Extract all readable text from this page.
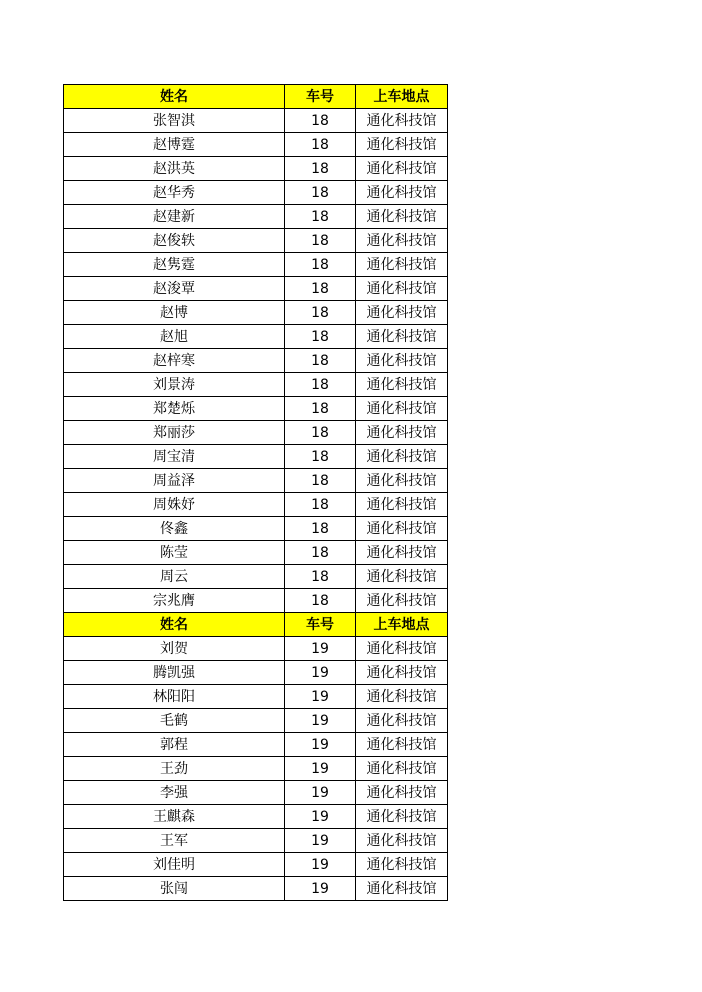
姓名	车号	上车地点
张智淇	18	通化科技馆
赵博霆	18	通化科技馆
赵洪英	18	通化科技馆
赵华秀	18	通化科技馆
赵建新	18	通化科技馆
赵俊轶	18	通化科技馆
赵隽霆	18	通化科技馆
赵浚覃	18	通化科技馆
赵博	18	通化科技馆
赵旭	18	通化科技馆
赵梓寒	18	通化科技馆
刘景涛	18	通化科技馆
郑楚烁	18	通化科技馆
郑丽莎	18	通化科技馆
周宝清	18	通化科技馆
周益泽	18	通化科技馆
周姝妤	18	通化科技馆
佟鑫	18	通化科技馆
陈莹	18	通化科技馆
周云	18	通化科技馆
宗兆膺	18	通化科技馆
姓名	车号	上车地点
刘贺	19	通化科技馆
腾凯强	19	通化科技馆
林阳阳	19	通化科技馆
毛鹤	19	通化科技馆
郭程	19	通化科技馆
王劲	19	通化科技馆
李强	19	通化科技馆
王麒森	19	通化科技馆
王军	19	通化科技馆
刘佳明	19	通化科技馆
张闯	19	通化科技馆
